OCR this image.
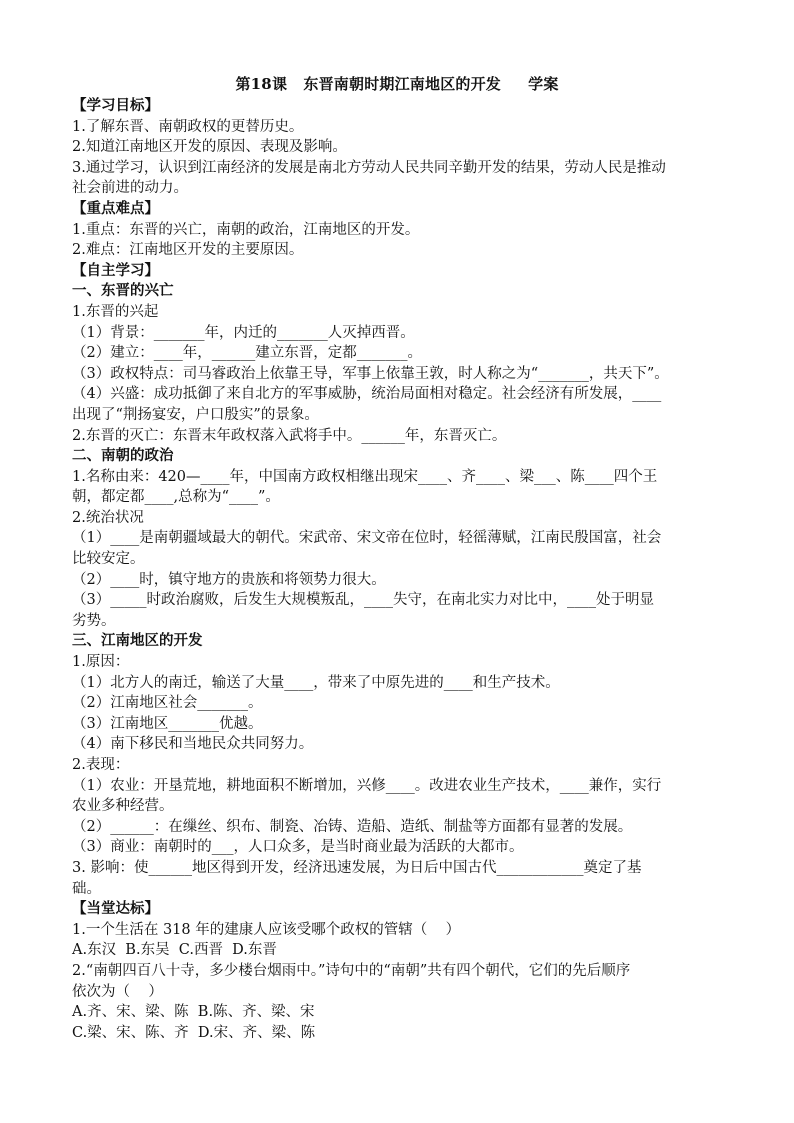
第18课   东晋南朝时期江南地区的开发     学案

【学习目标】

1.了解东晋、南朝政权的更替历史。

2.知道江南地区开发的原因、表现及影响。

3.通过学习，认识到江南经济的发展是南北方劳动人民共同辛勤开发的结果，劳动人民是推动

社会前进的动力。

【重点难点】

1.重点：东晋的兴亡，南朝的政治，江南地区的开发。

2.难点：江南地区开发的主要原因。

【自主学习】

一、东晋的兴亡

1.东晋的兴起

（1）背景：_______年，内迁的_______人灭掉西晋。

（2）建立：____年，______建立东晋，定都_______。

（3）政权特点：司马睿政治上依靠王导，军事上依靠王敦，时人称之为“_______，共天下”。

（4）兴盛：成功抵御了来自北方的军事威胁，统治局面相对稳定。社会经济有所发展，____

出现了“荆扬宴安，户口殷实”的景象。

2.东晋的灭亡：东晋末年政权落入武将手中。______年，东晋灭亡。

二、南朝的政治

1.名称由来：420—____年，中国南方政权相继出现宋____、齐____、梁___、陈____四个王

朝，都定都____,总称为“____”。

2.统治状况

（1）____是南朝疆域最大的朝代。宋武帝、宋文帝在位时，轻徭薄赋，江南民殷国富，社会

比较安定。

（2）____时，镇守地方的贵族和将领势力很大。

（3）_____时政治腐败，后发生大规模叛乱，____失守，在南北实力对比中，____处于明显

劣势。

三、江南地区的开发

1.原因：

（1）北方人的南迁，输送了大量____，带来了中原先进的____和生产技术。

（2）江南地区社会_______。

（3）江南地区_______优越。

（4）南下移民和当地民众共同努力。

2.表现：

（1）农业：开垦荒地，耕地面积不断增加，兴修____。改进农业生产技术，____兼作，实行

农业多种经营。

（2）______：在缫丝、织布、制瓷、冶铸、造船、造纸、制盐等方面都有显著的发展。

（3）商业：南朝时的___，人口众多，是当时商业最为活跃的大都市。

3. 影响：使______地区得到开发，经济迅速发展，为日后中国古代____________奠定了基

础。

【当堂达标】

1.一个生活在 318 年的建康人应该受哪个政权的管辖（    ）

A.东汉  B.东吴  C.西晋  D.东晋

2.“南朝四百八十寺，多少楼台烟雨中。”诗句中的“南朝”共有四个朝代，它们的先后顺序

依次为（    ）

A.齐、宋、梁、陈  B.陈、齐、梁、宋

C.梁、宋、陈、齐  D.宋、齐、梁、陈
